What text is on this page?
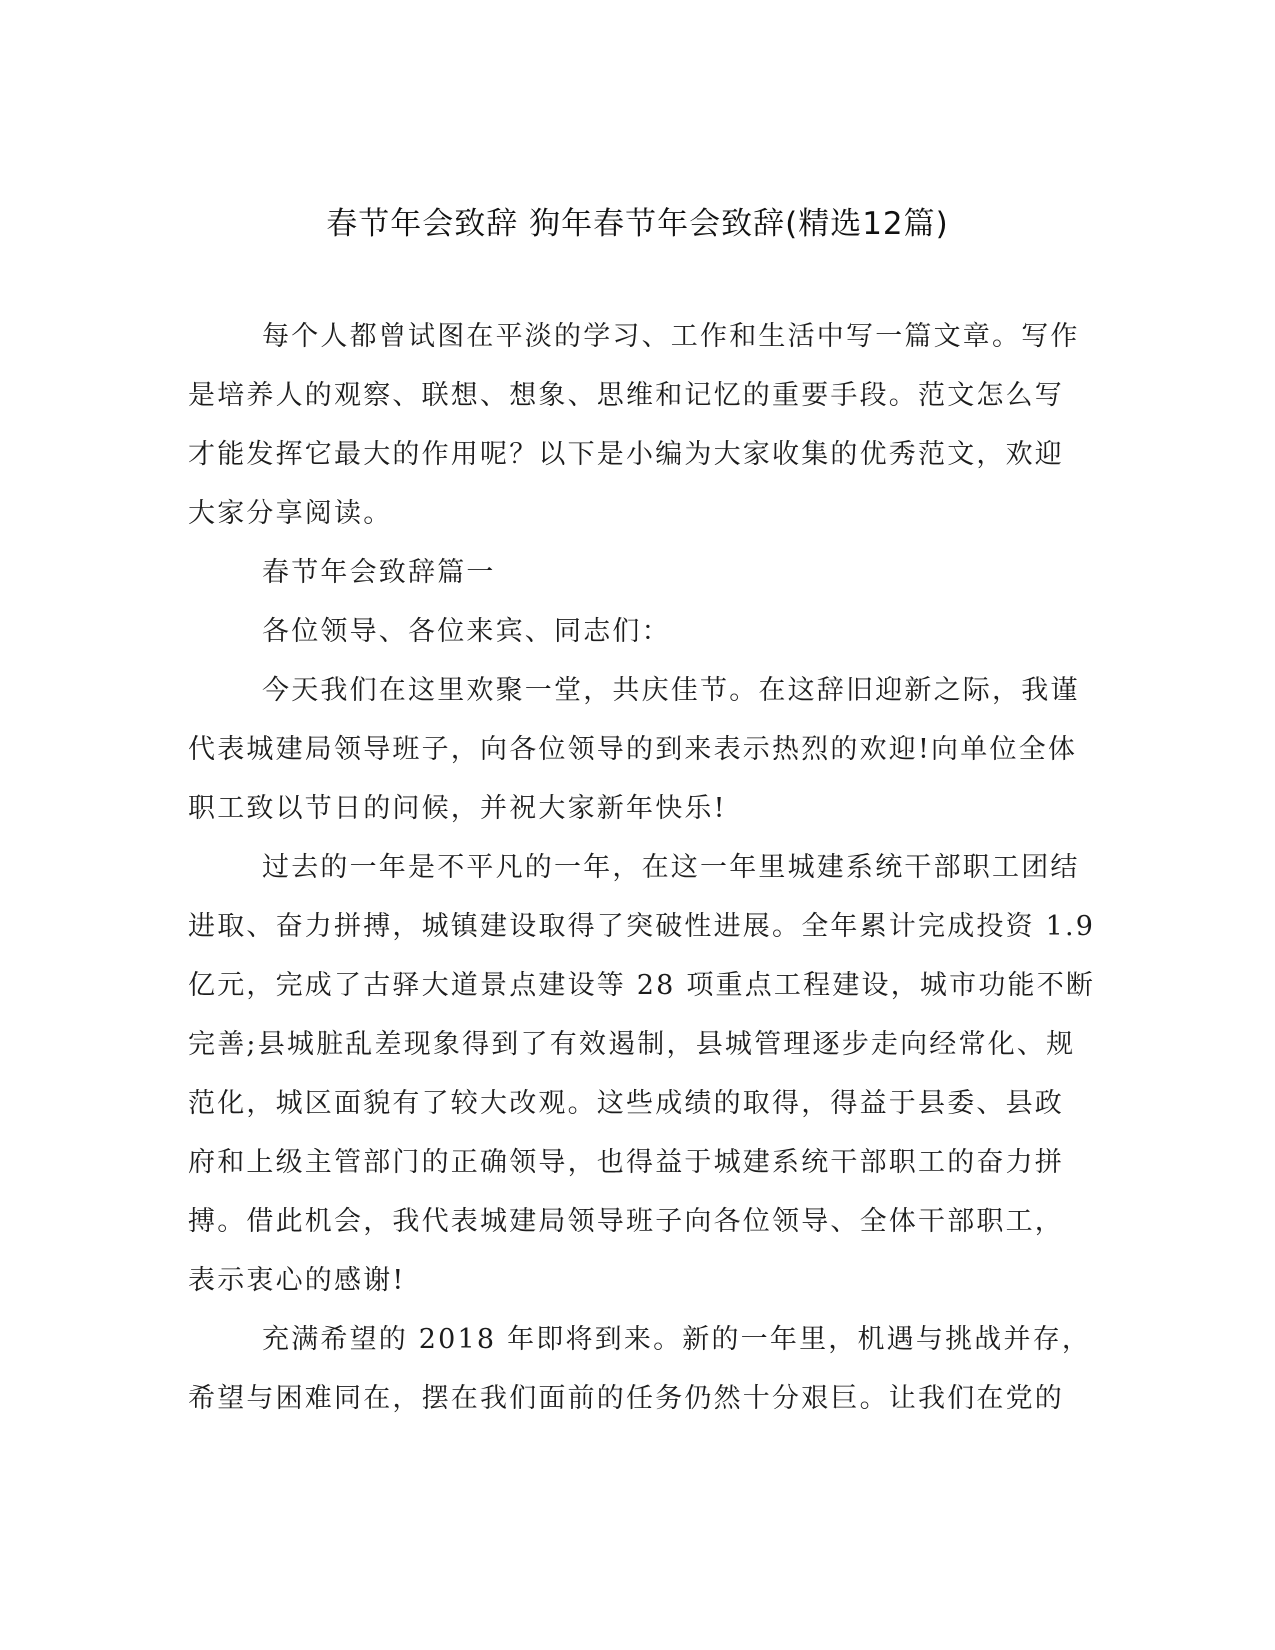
春节年会致辞 狗年春节年会致辞(精选12篇)
每个人都曾试图在平淡的学习、工作和生活中写一篇文章。写作
是培养人的观察、联想、想象、思维和记忆的重要手段。范文怎么写
才能发挥它最大的作用呢？以下是小编为大家收集的优秀范文，欢迎
大家分享阅读。
春节年会致辞篇一
各位领导、各位来宾、同志们：
今天我们在这里欢聚一堂，共庆佳节。在这辞旧迎新之际，我谨
代表城建局领导班子，向各位领导的到来表示热烈的欢迎!向单位全体
职工致以节日的问候，并祝大家新年快乐!
过去的一年是不平凡的一年，在这一年里城建系统干部职工团结
进取、奋力拼搏，城镇建设取得了突破性进展。全年累计完成投资 1.9
亿元，完成了古驿大道景点建设等 28 项重点工程建设，城市功能不断
完善;县城脏乱差现象得到了有效遏制，县城管理逐步走向经常化、规
范化，城区面貌有了较大改观。这些成绩的取得，得益于县委、县政
府和上级主管部门的正确领导，也得益于城建系统干部职工的奋力拼
搏。借此机会，我代表城建局领导班子向各位领导、全体干部职工，
表示衷心的感谢!
充满希望的 2018 年即将到来。新的一年里，机遇与挑战并存，
希望与困难同在，摆在我们面前的任务仍然十分艰巨。让我们在党的
